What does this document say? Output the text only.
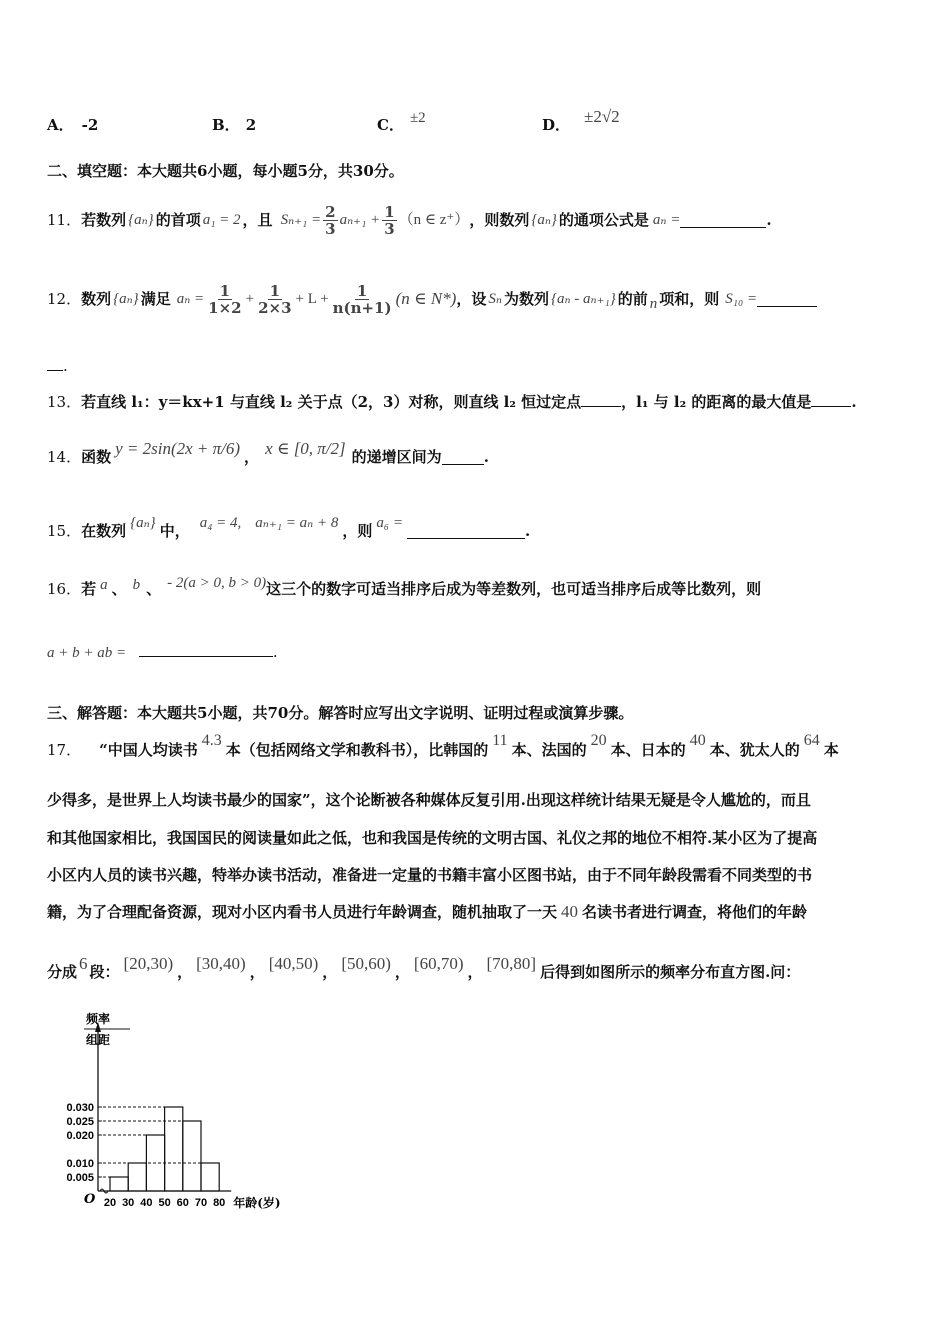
A． -2	B． 2	C． ±2	D． ±2√2
二、填空题：本大题共6小题，每小题5分，共30分。
11． 若数列 {aₙ} 的首项 a₁ = 2 ，且 $S_{n+1} = \frac{2}{3} a_{n+1} + \frac{1}{3} (n$ ∈ z⁺） ，则数列 {aₙ} 的通项公式是 aₙ =	.
12． 数列 {aₙ} 满足 $a_n = \frac{1}{1\times 2} + \frac{1}{2\times 3} + L + \frac{1}{n(n+1)} (n$ ∈ N*) ，设 Sₙ 为数列 {aₙ - aₙ₊₁} 的前 n 项和，则 S₁₀ =
.
13．若直线 l₁：y＝kx+1 与直线 l₂ 关于点（2，3）对称，则直线 l₂ 恒过定点	，l₁ 与 l₂ 的距离的最大值是	.
14． 函数 y = 2sin(2x + π/6) ， x ∈ [0, π/2] 的递增区间为	.
15． 在数列 {aₙ} 中， a₄ = 4, aₙ₊₁ = aₙ + 8 ，则 a₆ =	.
16． 若 a 、 b 、 - 2(a > 0, b > 0) 这三个的数字可适当排序后成为等差数列，也可适当排序后成等比数列，则
a + b + ab =	.
三、解答题：本大题共5小题，共70分。解答时应写出文字说明、证明过程或演算步骤。
17． “中国人均读书4.3本（包括网络文学和教科书），比韩国的11本、法国的20本、日本的40本、犹太人的64本
少得多，是世界上人均读书最少的国家”，这个论断被各种媒体反复引用.出现这样统计结果无疑是令人尴尬的，而且
和其他国家相比，我国国民的阅读量如此之低，也和我国是传统的文明古国、礼仪之邦的地位不相符.某小区为了提高
小区内人员的读书兴趣，特举办读书活动，准备进一定量的书籍丰富小区图书站，由于不同年龄段需看不同类型的书
籍，为了合理配备资源，现对小区内看书人员进行年龄调查，随机抽取了一天 40 名读书者进行调查，将他们的年龄
分成 6 段： [20,30) ， [30,40) ， [40,50) ， [50,60) ， [60,70) ， [70,80] 后得到如图所示的频率分布直方图.问：
频率
组距
0.030
0.025
0.020
0.010
0.005
20 30 40 50 60 70 80
O	年龄(岁)
